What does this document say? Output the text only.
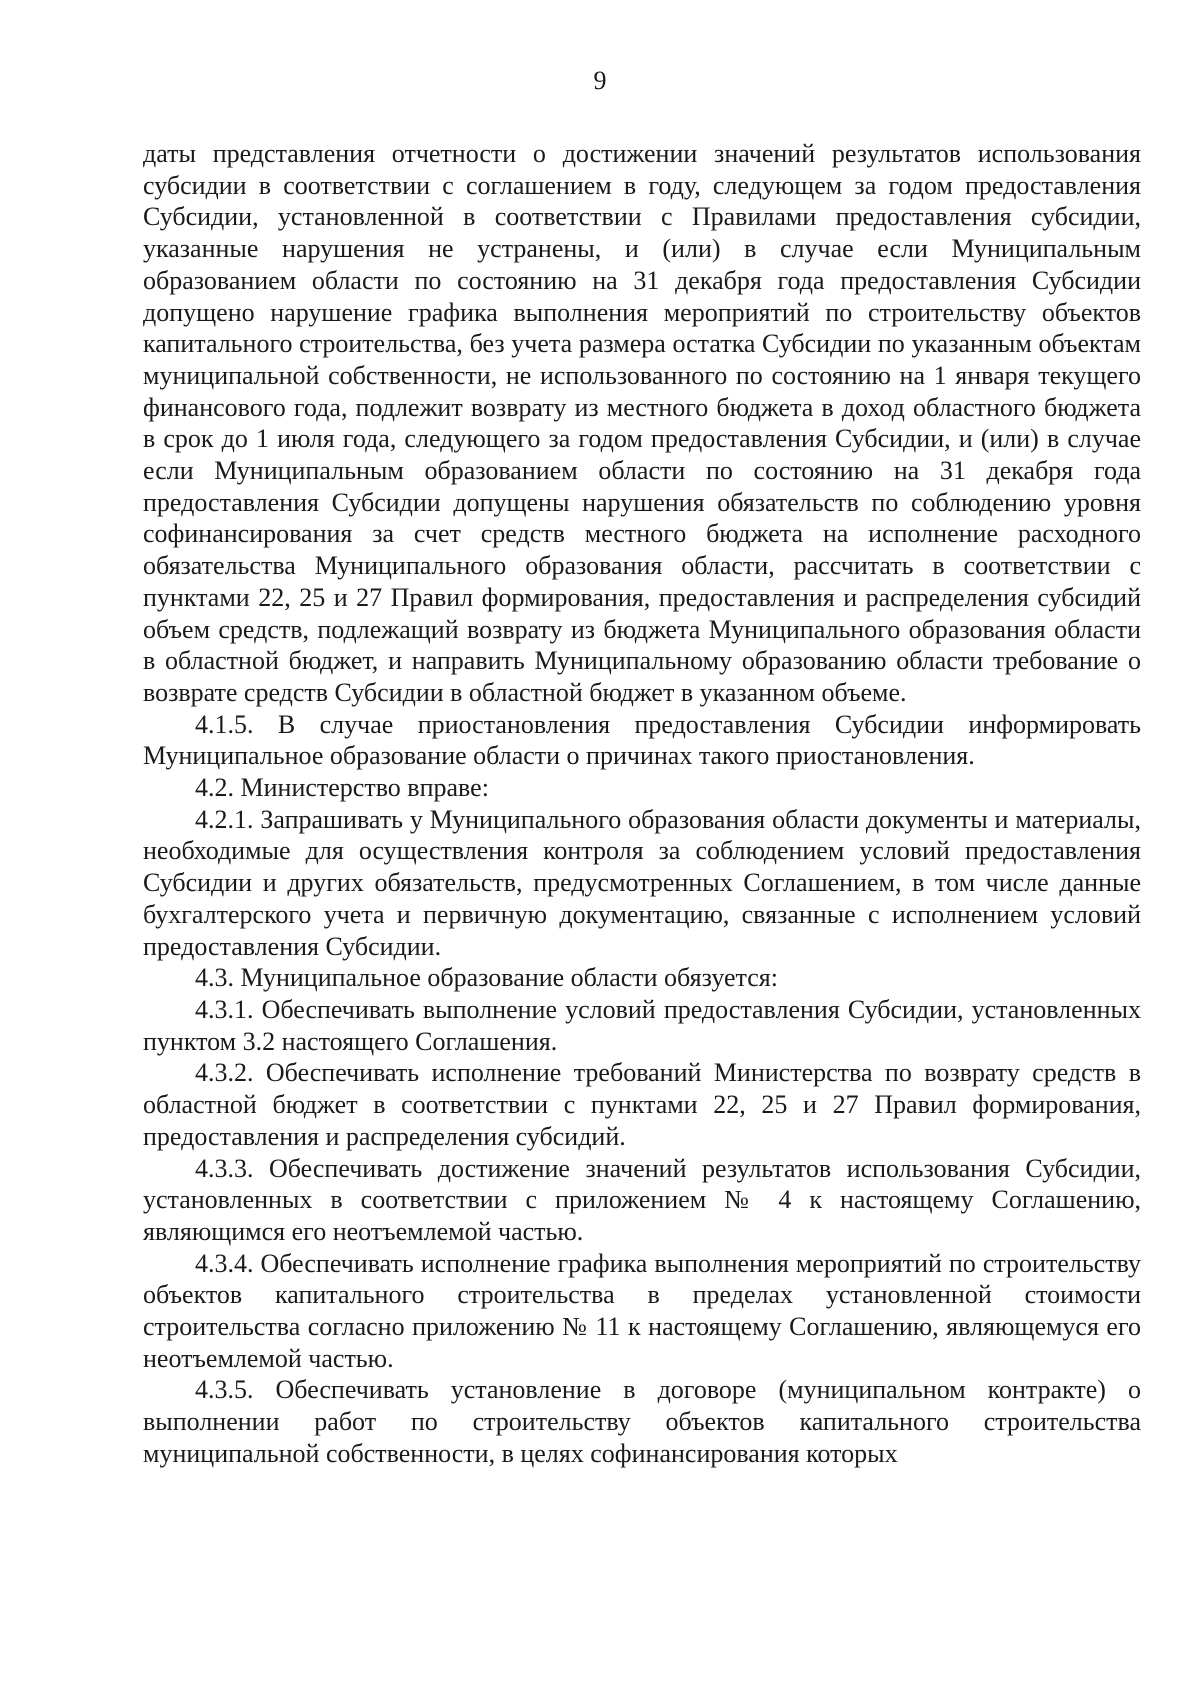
9

даты представления отчетности о достижении значений результатов использования субсидии в соответствии с соглашением в году, следующем за годом предоставления Субсидии, установленной в соответствии с Правилами предоставления субсидии, указанные нарушения не устранены, и (или) в случае если Муниципальным образованием области по состоянию на 31 декабря года предоставления Субсидии допущено нарушение графика выполнения мероприятий по строительству объектов капитального строительства, без учета размера остатка Субсидии по указанным объектам муниципальной собственности, не использованного по состоянию на 1 января текущего финансового года, подлежит возврату из местного бюджета в доход областного бюджета в срок до 1 июля года, следующего за годом предоставления Субсидии, и (или) в случае если Муниципальным образованием области по состоянию на 31 декабря года предоставления Субсидии допущены нарушения обязательств по соблюдению уровня софинансирования за счет средств местного бюджета на исполнение расходного обязательства Муниципального образования области, рассчитать в соответствии с пунктами 22, 25 и 27 Правил формирования, предоставления и распределения субсидий объем средств, подлежащий возврату из бюджета Муниципального образования области в областной бюджет, и направить Муниципальному образованию области требование о возврате средств Субсидии в областной бюджет в указанном объеме.

4.1.5. В случае приостановления предоставления Субсидии информировать Муниципальное образование области о причинах такого приостановления.

4.2. Министерство вправе:

4.2.1. Запрашивать у Муниципального образования области документы и материалы, необходимые для осуществления контроля за соблюдением условий предоставления Субсидии и других обязательств, предусмотренных Соглашением, в том числе данные бухгалтерского учета и первичную документацию, связанные с исполнением условий предоставления Субсидии.

4.3. Муниципальное образование области обязуется:

4.3.1. Обеспечивать выполнение условий предоставления Субсидии, установленных пунктом 3.2 настоящего Соглашения.

4.3.2. Обеспечивать исполнение требований Министерства по возврату средств в областной бюджет в соответствии с пунктами 22, 25 и 27 Правил формирования, предоставления и распределения субсидий.

4.3.3. Обеспечивать достижение значений результатов использования Субсидии, установленных в соответствии с приложением № 4 к настоящему Соглашению, являющимся его неотъемлемой частью.

4.3.4. Обеспечивать исполнение графика выполнения мероприятий по строительству объектов капитального строительства в пределах установленной стоимости строительства согласно приложению № 11 к настоящему Соглашению, являющемуся его неотъемлемой частью.

4.3.5. Обеспечивать установление в договоре (муниципальном контракте) о выполнении работ по строительству объектов капитального строительства муниципальной собственности, в целях софинансирования которых
